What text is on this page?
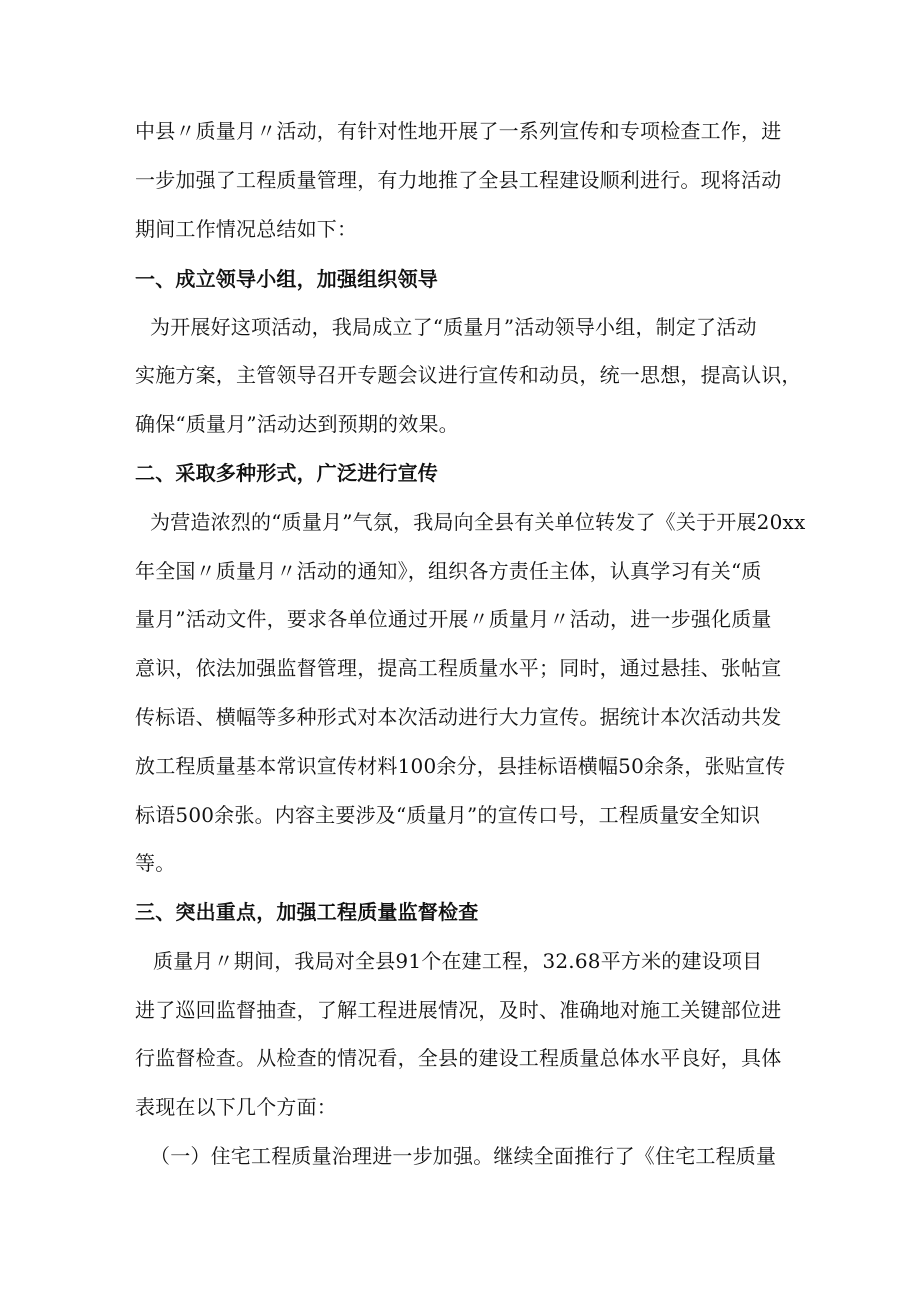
中县〃质量月〃活动，有针对性地开展了一系列宣传和专项检查工作，进
一步加强了工程质量管理，有力地推了全县工程建设顺利进行。现将活动
期间工作情况总结如下：
一、成立领导小组，加强组织领导
为开展好这项活动，我局成立了“质量月”活动领导小组，制定了活动
实施方案，主管领导召开专题会议进行宣传和动员，统一思想，提高认识，
确保“质量月”活动达到预期的效果。
二、采取多种形式，广泛进行宣传
为营造浓烈的“质量月”气氛，我局向全县有关单位转发了《关于开展20xx
年全国〃质量月〃活动的通知》，组织各方责任主体，认真学习有关“质
量月”活动文件，要求各单位通过开展〃质量月〃活动，进一步强化质量
意识，依法加强监督管理，提高工程质量水平；同时，通过悬挂、张帖宣
传标语、横幅等多种形式对本次活动进行大力宣传。据统计本次活动共发
放工程质量基本常识宣传材料100余分，县挂标语横幅50余条，张贴宣传
标语500余张。内容主要涉及“质量月”的宣传口号，工程质量安全知识
等。
三、突出重点，加强工程质量监督检查
质量月〃期间，我局对全县91个在建工程，32.68平方米的建设项目
进了巡回监督抽查，了解工程进展情况，及时、准确地对施工关键部位进
行监督检查。从检查的情况看，全县的建设工程质量总体水平良好，具体
表现在以下几个方面：
（一）住宅工程质量治理进一步加强。继续全面推行了《住宅工程质量
